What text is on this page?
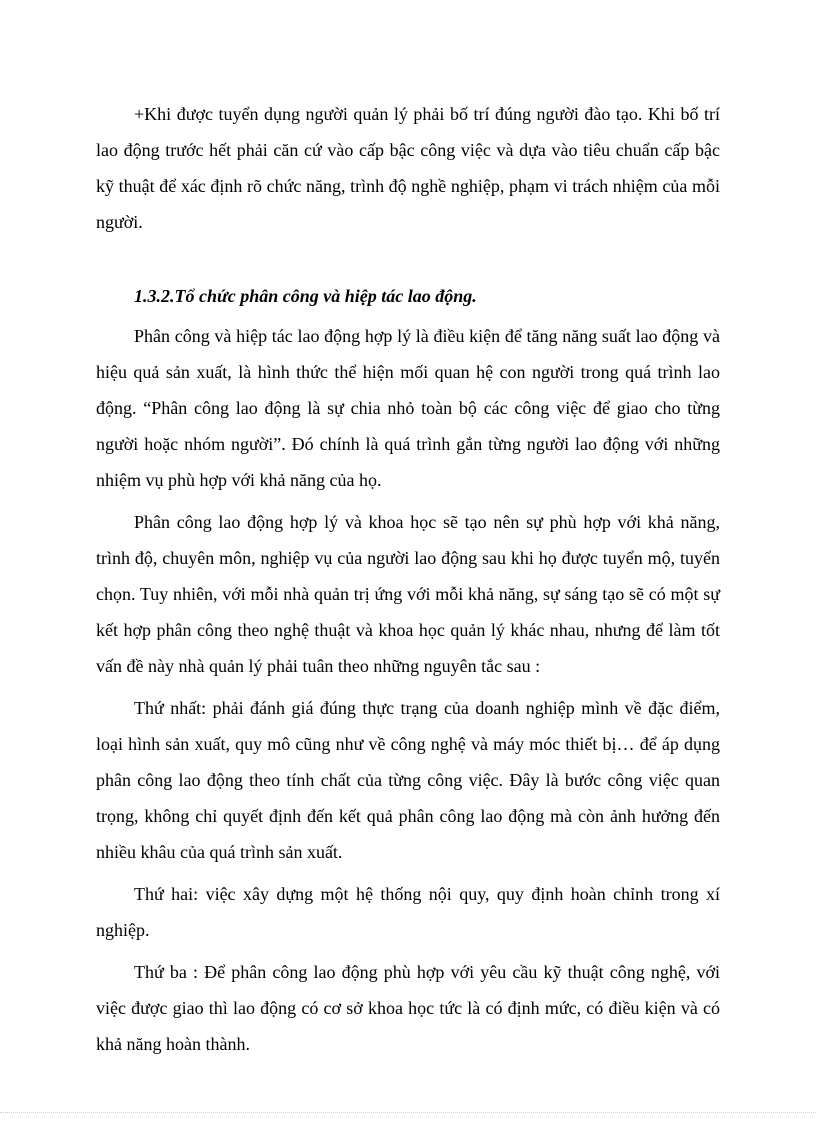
+Khi được tuyển dụng người quản lý phải bố trí đúng người đào tạo. Khi bố trí lao động trước hết phải căn cứ vào cấp bậc công việc và dựa vào tiêu chuẩn cấp bậc kỹ thuật để xác định rõ chức năng, trình độ nghề nghiệp, phạm vi trách nhiệm của mỗi người.

1.3.2.Tổ chức phân công và hiệp tác lao động.

Phân công và hiệp tác lao động hợp lý là điều kiện để tăng năng suất lao động và hiệu quả sản xuất, là hình thức thể hiện mối quan hệ con người trong quá trình lao động. “Phân công lao động là sự chia nhỏ toàn bộ các công việc để giao cho từng người hoặc nhóm người”. Đó chính là quá trình gắn từng người lao động với những nhiệm vụ phù hợp với khả năng của họ.

Phân công lao động hợp lý và khoa học sẽ tạo nên sự phù hợp với khả năng, trình độ, chuyên môn, nghiệp vụ của người lao động sau khi họ được tuyển mộ, tuyển chọn. Tuy nhiên, với mỗi nhà quản trị ứng với mỗi khả năng, sự sáng tạo sẽ có một sự kết hợp phân công theo nghệ thuật và khoa học quản lý khác nhau, nhưng để làm tốt vấn đề này nhà quản lý phải tuân theo những nguyên tắc sau :

Thứ nhất: phải đánh giá đúng thực trạng của doanh nghiệp mình về đặc điểm, loại hình sản xuất, quy mô cũng như về công nghệ và máy móc thiết bị… để áp dụng phân công lao động theo tính chất của từng công việc. Đây là bước công việc quan trọng, không chỉ quyết định đến kết quả phân công lao động mà còn ảnh hưởng đến nhiều khâu của quá trình sản xuất.

Thứ hai: việc xây dựng một hệ thống nội quy, quy định hoàn chỉnh trong xí nghiệp.

Thứ ba : Để phân công lao động phù hợp với yêu cầu kỹ thuật công nghệ, với việc được giao thì lao động có cơ sở khoa học tức là có định mức, có điều kiện và có khả năng hoàn thành.
